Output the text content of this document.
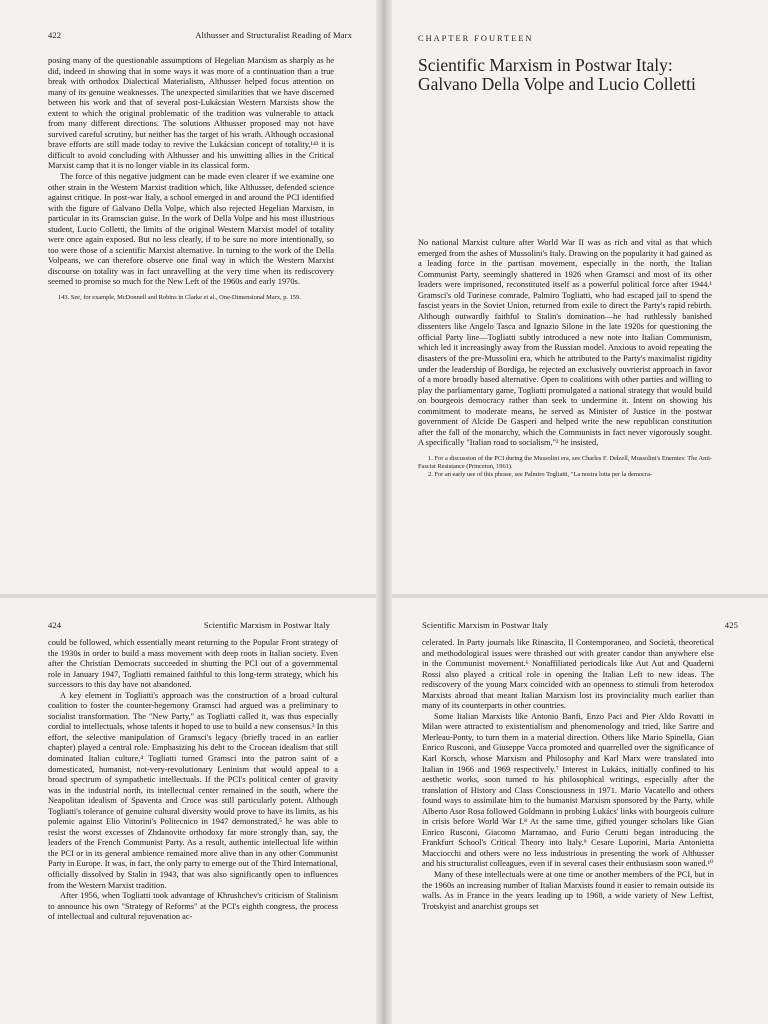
422	Althusser and Structuralist Reading of Marx

posing many of the questionable assumptions of Hegelian Marxism as sharply as he did, indeed in showing that in some ways it was more of a continuation than a true break with orthodox Dialectical Materialism, Althusser helped focus attention on many of its genuine weaknesses. The unexpected similarities that we have discerned between his work and that of several post-Lukácsian Western Marxists show the extent to which the original problematic of the tradition was vulnerable to attack from many different directions. The solutions Althusser proposed may not have survived careful scrutiny, but neither has the target of his wrath. Although occasional brave efforts are still made today to revive the Lukácsian concept of totality,¹⁴³ it is difficult to avoid concluding with Althusser and his unwitting allies in the Critical Marxist camp that it is no longer viable in its classical form.

The force of this negative judgment can be made even clearer if we examine one other strain in the Western Marxist tradition which, like Althusser, defended science against critique. In post-war Italy, a school emerged in and around the PCI identified with the figure of Galvano Della Volpe, which also rejected Hegelian Marxism, in particular in its Gramscian guise. In the work of Della Volpe and his most illustrious student, Lucio Colletti, the limits of the original Western Marxist model of totality were once again exposed. But no less clearly, if to be sure no more intentionally, so too were those of a scientific Marxist alternative. In turning to the work of the Della Volpeans, we can therefore observe one final way in which the Western Marxist discourse on totality was in fact unravelling at the very time when its rediscovery seemed to promise so much for the New Left of the 1960s and early 1970s.

143. See, for example, McDonnell and Robins in Clarke et al., One-Dimensional Marx, p. 159.

CHAPTER FOURTEEN
Scientific Marxism in Postwar Italy:
Galvano Della Volpe and Lucio Colletti

No national Marxist culture after World War II was as rich and vital as that which emerged from the ashes of Mussolini's Italy. Drawing on the popularity it had gained as a leading force in the partisan movement, especially in the north, the Italian Communist Party, seemingly shattered in 1926 when Gramsci and most of its other leaders were imprisoned, reconstituted itself as a powerful political force after 1944.¹ Gramsci's old Turinese comrade, Palmiro Togliatti, who had escaped jail to spend the fascist years in the Soviet Union, returned from exile to direct the Party's rapid rebirth. Although outwardly faithful to Stalin's domination—he had ruthlessly banished dissenters like Angelo Tasca and Ignazio Silone in the late 1920s for questioning the official Party line—Togliatti subtly introduced a new note into Italian Communism, which led it increasingly away from the Russian model. Anxious to avoid repeating the disasters of the pre-Mussolini era, which he attributed to the Party's maximalist rigidity under the leadership of Bordiga, he rejected an exclusively ouvrierist approach in favor of a more broadly based alternative. Open to coalitions with other parties and willing to play the parliamentary game, Togliatti promulgated a national strategy that would build on bourgeois democracy rather than seek to undermine it. Intent on showing his commitment to moderate means, he served as Minister of Justice in the postwar government of Alcide De Gasperi and helped write the new republican constitution after the fall of the monarchy, which the Communists in fact never vigorously sought. A specifically "Italian road to socialism,"² he insisted,

1. For a discussion of the PCI during the Mussolini era, see Charles F. Delzell, Mussolini's Enemies: The Anti-Fascist Resistance (Princeton, 1961).

2. For an early use of this phrase, see Palmiro Togliatti, "La nostra lotta per la democra-

424	Scientific Marxism in Postwar Italy

could be followed, which essentially meant returning to the Popular Front strategy of the 1930s in order to build a mass movement with deep roots in Italian society. Even after the Christian Democrats succeeded in shutting the PCI out of a governmental role in January 1947, Togliatti remained faithful to this long-term strategy, which his successors to this day have not abandoned.

A key element in Togliatti's approach was the construction of a broad cultural coalition to foster the counter-hegemony Gramsci had argued was a preliminary to socialist transformation. The "New Party," as Togliatti called it, was thus especially cordial to intellectuals, whose talents it hoped to use to build a new consensus.³ In this effort, the selective manipulation of Gramsci's legacy (briefly traced in an earlier chapter) played a central role. Emphasizing his debt to the Crocean idealism that still dominated Italian culture,⁴ Togliatti turned Gramsci into the patron saint of a domesticated, humanist, not-very-revolutionary Leninism that would appeal to a broad spectrum of sympathetic intellectuals. If the PCI's political center of gravity was in the industrial north, its intellectual center remained in the south, where the Neapolitan idealism of Spaventa and Croce was still particularly potent. Although Togliatti's tolerance of genuine cultural diversity would prove to have its limits, as his polemic against Elio Vittorini's Politecnico in 1947 demonstrated,⁵ he was able to resist the worst excesses of Zhdanovite orthodoxy far more strongly than, say, the leaders of the French Communist Party. As a result, authentic intellectual life within the PCI or in its general ambience remained more alive than in any other Communist Party in Europe. It was, in fact, the only party to emerge out of the Third International, officially dissolved by Stalin in 1943, that was also significantly open to influences from the Western Marxist tradition.

After 1956, when Togliatti took advantage of Khrushchev's criticism of Stalinism to announce his own "Strategy of Reforms" at the PCI's eighth congress, the process of intellectual and cultural rejuvenation ac-

Scientific Marxism in Postwar Italy	425

celerated. In Party journals like Rinascita, Il Contemporaneo, and Società, theoretical and methodological issues were thrashed out with greater candor than anywhere else in the Communist movement.⁶ Nonaffiliated periodicals like Aut Aut and Quaderni Rossi also played a critical role in opening the Italian Left to new ideas. The rediscovery of the young Marx coincided with an openness to stimuli from heterodox Marxists abroad that meant Italian Marxism lost its provinciality much earlier than many of its counterparts in other countries.

Some Italian Marxists like Antonio Banfi, Enzo Paci and Pier Aldo Rovatti in Milan were attracted to existentialism and phenomenology and tried, like Sartre and Merleau-Ponty, to turn them in a material direction. Others like Mario Spinella, Gian Enrico Rusconi, and Giuseppe Vacca promoted and quarrelled over the significance of Karl Korsch, whose Marxism and Philosophy and Karl Marx were translated into Italian in 1966 and 1969 respectively.⁷ Interest in Lukács, initially confined to his aesthetic works, soon turned to his philosophical writings, especially after the translation of History and Class Consciousness in 1971. Mario Vacatello and others found ways to assimilate him to the humanist Marxism sponsored by the Party, while Alberto Asor Rosa followed Goldmann in probing Lukács' links with bourgeois culture in crisis before World War I.⁸ At the same time, gifted younger scholars like Gian Enrico Rusconi, Giacomo Marramao, and Furio Cerutti began introducing the Frankfurt School's Critical Theory into Italy.⁹ Cesare Luporini, Maria Antonietta Macciocchi and others were no less industrious in presenting the work of Althusser and his structuralist colleagues, even if in several cases their enthusiasm soon waned.¹⁰

Many of these intellectuals were at one time or another members of the PCI, but in the 1960s an increasing number of Italian Marxists found it easier to remain outside its walls. As in France in the years leading up to 1968, a wide variety of New Leftist, Trotskyist and anarchist groups set
